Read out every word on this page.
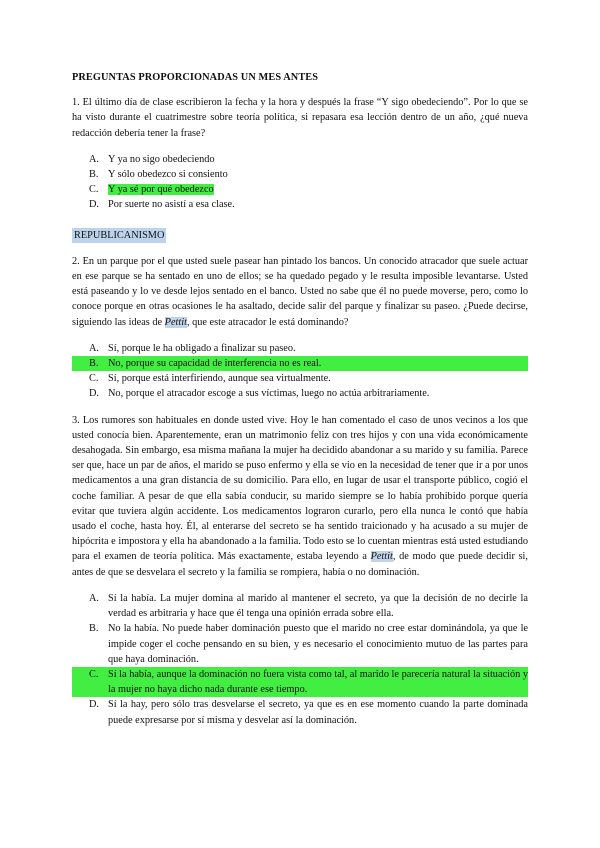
PREGUNTAS PROPORCIONADAS UN MES ANTES
1. El último día de clase escribieron la fecha y la hora y después la frase “Y sigo obedeciendo”. Por lo que se ha visto durante el cuatrimestre sobre teoría política, si repasara esa lección dentro de un año, ¿qué nueva redacción debería tener la frase?
A. Y ya no sigo obedeciendo
B. Y sólo obedezco si consiento
C. Y ya sé por qué obedezco
D. Por suerte no asistí a esa clase.
REPUBLICANISMO
2. En un parque por el que usted suele pasear han pintado los bancos. Un conocido atracador que suele actuar en ese parque se ha sentado en uno de ellos; se ha quedado pegado y le resulta imposible levantarse. Usted está paseando y lo ve desde lejos sentado en el banco. Usted no sabe que él no puede moverse, pero, como lo conoce porque en otras ocasiones le ha asaltado, decide salir del parque y finalizar su paseo. ¿Puede decirse, siguiendo las ideas de Pettit, que este atracador le está dominando?
A. Sí, porque le ha obligado a finalizar su paseo.
B. No, porque su capacidad de interferencia no es real.
C. Sí, porque está interfiriendo, aunque sea virtualmente.
D. No, porque el atracador escoge a sus víctimas, luego no actúa arbitrariamente.
3. Los rumores son habituales en donde usted vive. Hoy le han comentado el caso de unos vecinos a los que usted conocía bien. Aparentemente, eran un matrimonio feliz con tres hijos y con una vida económicamente desahogada. Sin embargo, esa misma mañana la mujer ha decidido abandonar a su marido y su familia. Parece ser que, hace un par de años, el marido se puso enfermo y ella se vio en la necesidad de tener que ir a por unos medicamentos a una gran distancia de su domicilio. Para ello, en lugar de usar el transporte público, cogió el coche familiar. A pesar de que ella sabía conducir, su marido siempre se lo había prohibido porque quería evitar que tuviera algún accidente. Los medicamentos lograron curarlo, pero ella nunca le contó que había usado el coche, hasta hoy. Él, al enterarse del secreto se ha sentido traicionado y ha acusado a su mujer de hipócrita e impostora y ella ha abandonado a la familia. Todo esto se lo cuentan mientras está usted estudiando para el examen de teoría política. Más exactamente, estaba leyendo a Pettit, de modo que puede decidir si, antes de que se desvelara el secreto y la familia se rompiera, había o no dominación.
A. Sí la había. La mujer domina al marido al mantener el secreto, ya que la decisión de no decirle la verdad es arbitraria y hace que él tenga una opinión errada sobre ella.
B. No la había. No puede haber dominación puesto que el marido no cree estar dominándola, ya que le impide coger el coche pensando en su bien, y es necesario el conocimiento mutuo de las partes para que haya dominación.
C. Sí la había, aunque la dominación no fuera vista como tal, al marido le parecería natural la situación y la mujer no haya dicho nada durante ese tiempo.
D. Sí la hay, pero sólo tras desvelarse el secreto, ya que es en ese momento cuando la parte dominada puede expresarse por sí misma y desvelar así la dominación.
